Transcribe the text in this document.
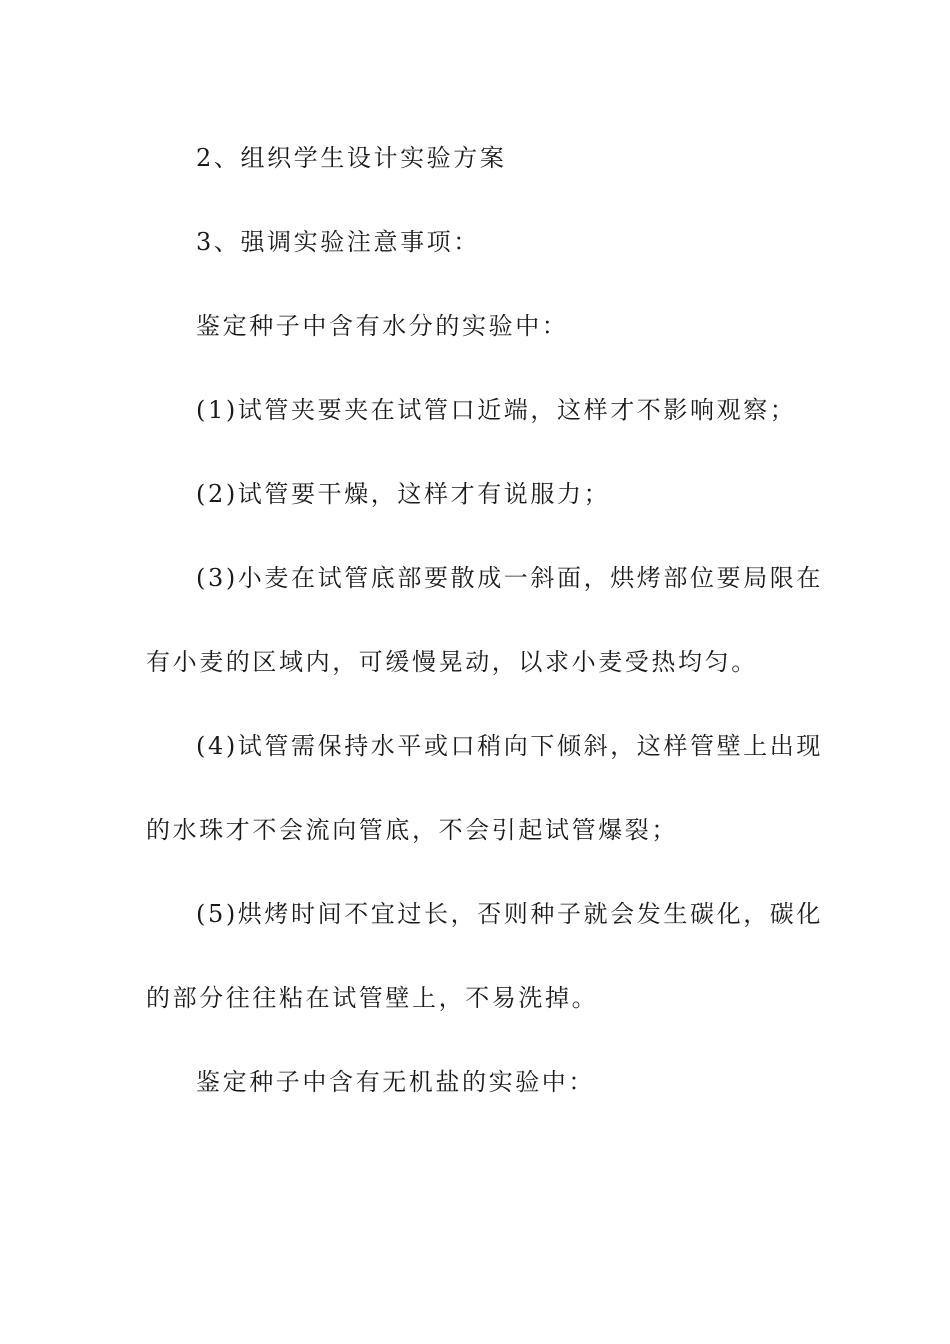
2、组织学生设计实验方案
3、强调实验注意事项：
鉴定种子中含有水分的实验中：
(1)试管夹要夹在试管口近端，这样才不影响观察；
(2)试管要干燥，这样才有说服力；
(3)小麦在试管底部要散成一斜面，烘烤部位要局限在
有小麦的区域内，可缓慢晃动，以求小麦受热均匀。
(4)试管需保持水平或口稍向下倾斜，这样管壁上出现
的水珠才不会流向管底，不会引起试管爆裂；
(5)烘烤时间不宜过长，否则种子就会发生碳化，碳化
的部分往往粘在试管壁上，不易洗掉。
鉴定种子中含有无机盐的实验中：
